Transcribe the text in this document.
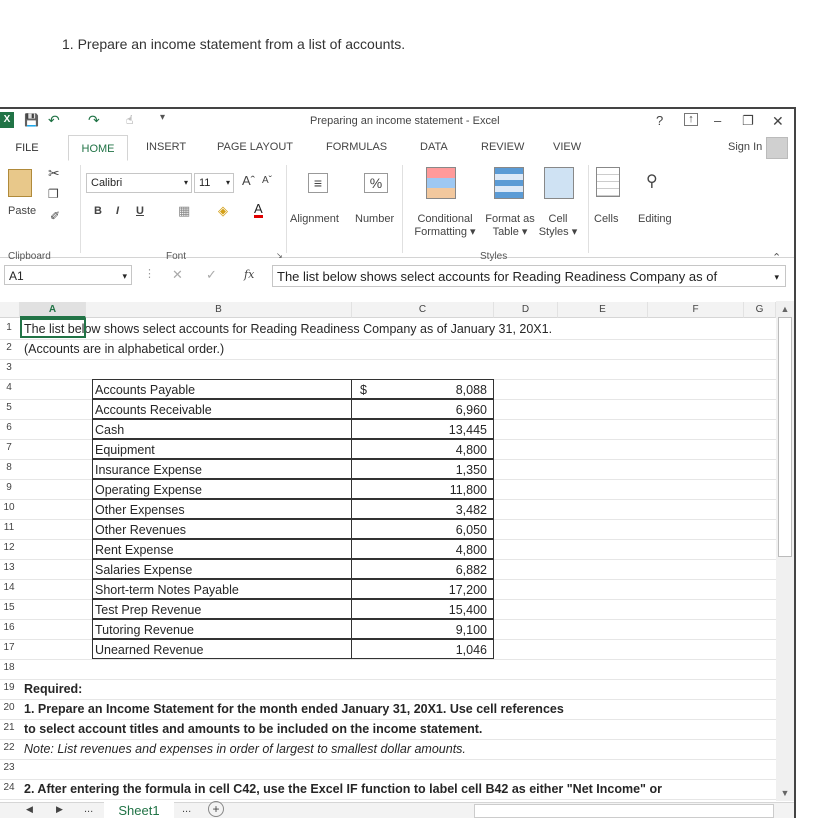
1. Prepare an income statement from a list of accounts.
X	💾 ↶ ↷ ☝	▾	Preparing an income statement - Excel	?	↑	– ❐ ✕
FILE	HOME	INSERT	PAGE LAYOUT	FORMULAS	DATA	REVIEW	VIEW	Sign In
Paste
✂
❐
✐
Clipboard
Calibri	▾	11 ▾ Aˆ Aˇ
B I U	▦ ◈ A
Font	↘
≡
Alignment
%
Number	Conditional
Formatting ▾
Format as
Table ▾
Cell
Styles ▾
Styles
Cells
⚲
Editing
⌃
A1	▾ ⋮ ✕ ✓ fx	The list below shows select accounts for Reading Readiness Company as of	▾
A	B	C	D	E	F	G
1 The list below shows select accounts for Reading Readiness Company as of January 31, 20X1.
2 (Accounts are in alphabetical order.)
3
4	Accounts Payable	$	8,088
5	Accounts Receivable	6,960
6	Cash	13,445
7	Equipment	4,800
8	Insurance Expense	1,350
9	Operating Expense	11,800
10	Other Expenses	3,482
11	Other Revenues	6,050
12	Rent Expense	4,800
13	Salaries Expense	6,882
14	Short-term Notes Payable	17,200
15	Test Prep Revenue	15,400
16	Tutoring Revenue	9,100
17	Unearned Revenue	1,046
18
19 Required:
20 1. Prepare an Income Statement for the month ended January 31, 20X1. Use cell references
21 to select account titles and amounts to be included on the income statement.
22 Note: List revenues and expenses in order of largest to smallest dollar amounts.
23
24 2. After entering the formula in cell C42, use the Excel IF function to label cell B42 as either "Net Income" or
▲
▼
◀	▶ ...	Sheet1	...	+
